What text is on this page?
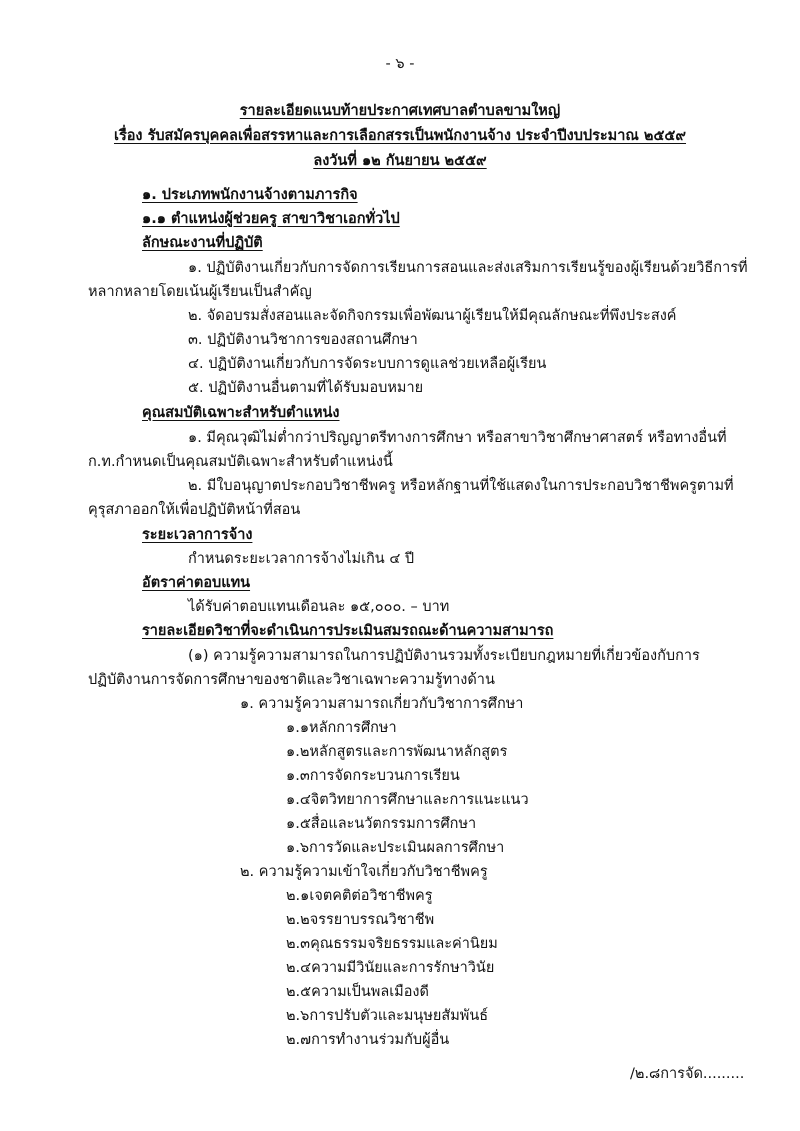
- ๖ -
รายละเอียดแนบท้ายประกาศเทศบาลตำบลขามใหญ่
เรื่อง รับสมัครบุคคลเพื่อสรรหาและการเลือกสรรเป็นพนักงานจ้าง ประจำปีงบประมาณ ๒๕๕๙
ลงวันที่ ๑๒ กันยายน ๒๕๕๙
๑. ประเภทพนักงานจ้างตามภารกิจ
๑.๑ ตำแหน่งผู้ช่วยครู สาขาวิชาเอกทั่วไป
ลักษณะงานที่ปฏิบัติ
๑. ปฏิบัติงานเกี่ยวกับการจัดการเรียนการสอนและส่งเสริมการเรียนรู้ของผู้เรียนด้วยวิธีการที่
หลากหลายโดยเน้นผู้เรียนเป็นสำคัญ
๒. จัดอบรมสั่งสอนและจัดกิจกรรมเพื่อพัฒนาผู้เรียนให้มีคุณลักษณะที่พึงประสงค์
๓. ปฏิบัติงานวิชาการของสถานศึกษา
๔. ปฏิบัติงานเกี่ยวกับการจัดระบบการดูแลช่วยเหลือผู้เรียน
๕. ปฏิบัติงานอื่นตามที่ได้รับมอบหมาย
คุณสมบัติเฉพาะสำหรับตำแหน่ง
๑. มีคุณวุฒิไม่ต่ำกว่าปริญญาตรีทางการศึกษา หรือสาขาวิชาศึกษาศาสตร์ หรือทางอื่นที่
ก.ท.กำหนดเป็นคุณสมบัติเฉพาะสำหรับตำแหน่งนี้
๒. มีใบอนุญาตประกอบวิชาชีพครู หรือหลักฐานที่ใช้แสดงในการประกอบวิชาชีพครูตามที่
คุรุสภาออกให้เพื่อปฏิบัติหน้าที่สอน
ระยะเวลาการจ้าง
กำหนดระยะเวลาการจ้างไม่เกิน ๔ ปี
อัตราค่าตอบแทน
ได้รับค่าตอบแทนเดือนละ ๑๕,๐๐๐. – บาท
รายละเอียดวิชาที่จะดำเนินการประเมินสมรถณะด้านความสามารถ
(๑) ความรู้ความสามารถในการปฏิบัติงานรวมทั้งระเบียบกฎหมายที่เกี่ยวข้องกับการ
ปฏิบัติงานการจัดการศึกษาของชาติและวิชาเฉพาะความรู้ทางด้าน
๑. ความรู้ความสามารถเกี่ยวกับวิชาการศึกษา
๑.๑หลักการศึกษา
๑.๒หลักสูตรและการพัฒนาหลักสูตร
๑.๓การจัดกระบวนการเรียน
๑.๔จิตวิทยาการศึกษาและการแนะแนว
๑.๕สื่อและนวัตกรรมการศึกษา
๑.๖การวัดและประเมินผลการศึกษา
๒. ความรู้ความเข้าใจเกี่ยวกับวิชาชีพครู
๒.๑เจตคติต่อวิชาชีพครู
๒.๒จรรยาบรรณวิชาชีพ
๒.๓คุณธรรมจริยธรรมและค่านิยม
๒.๔ความมีวินัยและการรักษาวินัย
๒.๕ความเป็นพลเมืองดี
๒.๖การปรับตัวและมนุษยสัมพันธ์
๒.๗การทำงานร่วมกับผู้อื่น
/๒.๘การจัด.........
